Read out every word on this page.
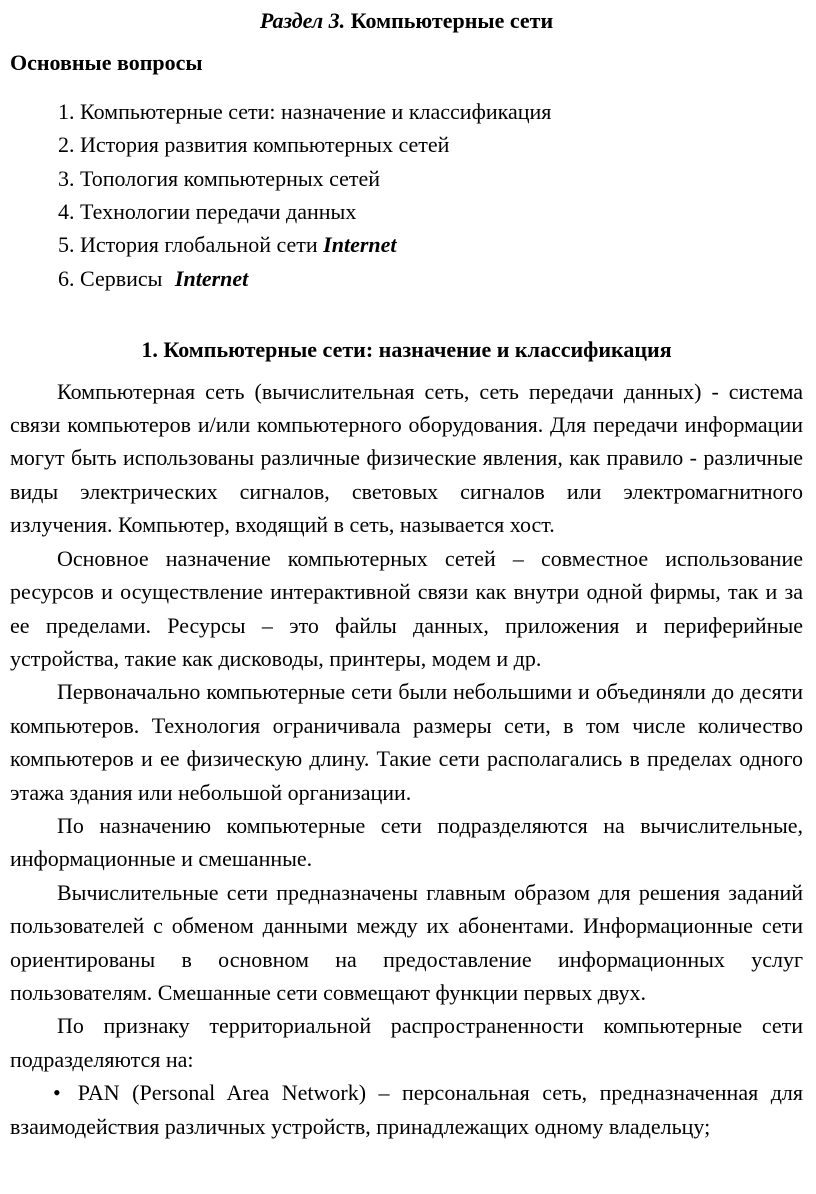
Раздел 3. Компьютерные сети
Основные вопросы
1. Компьютерные сети: назначение и классификация
2. История развития компьютерных сетей
3. Топология компьютерных сетей
4. Технологии передачи данных
5. История глобальной сети Internet
6. Сервисы Internet
1. Компьютерные сети: назначение и классификация
Компьютерная сеть (вычислительная сеть, сеть передачи данных) - система связи компьютеров и/или компьютерного оборудования. Для передачи информации могут быть использованы различные физические явления, как правило - различные виды электрических сигналов, световых сигналов или электромагнитного излучения. Компьютер, входящий в сеть, называется хост.
Основное назначение компьютерных сетей – совместное использование ресурсов и осуществление интерактивной связи как внутри одной фирмы, так и за ее пределами. Ресурсы – это файлы данных, приложения и периферийные устройства, такие как дисководы, принтеры, модем и др.
Первоначально компьютерные сети были небольшими и объединяли до десяти компьютеров. Технология ограничивала размеры сети, в том числе количество компьютеров и ее физическую длину. Такие сети располагались в пределах одного этажа здания или небольшой организации.
По назначению компьютерные сети подразделяются на вычислительные, информационные и смешанные.
Вычислительные сети предназначены главным образом для решения заданий пользователей с обменом данными между их абонентами. Информационные сети ориентированы в основном на предоставление информационных услуг пользователям. Смешанные сети совмещают функции первых двух.
По признаку территориальной распространенности компьютерные сети подразделяются на:
• PAN (Personal Area Network) – персональная сеть, предназначенная для взаимодействия различных устройств, принадлежащих одному владельцу;
